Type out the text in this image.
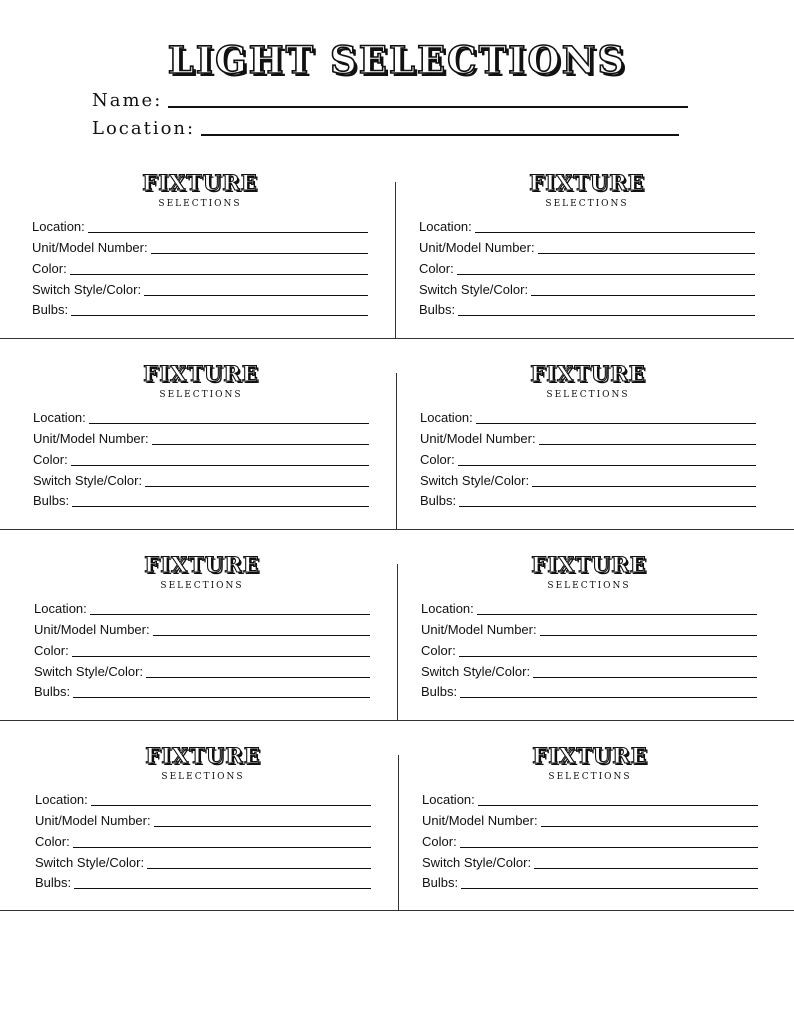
LIGHT SELECTIONS
Name:
Location:
FIXTURE
SELECTIONS
Location:
Unit/Model Number:
Color:
Switch Style/Color:
Bulbs:
FIXTURE
SELECTIONS
Location:
Unit/Model Number:
Color:
Switch Style/Color:
Bulbs:
FIXTURE
SELECTIONS
Location:
Unit/Model Number:
Color:
Switch Style/Color:
Bulbs:
FIXTURE
SELECTIONS
Location:
Unit/Model Number:
Color:
Switch Style/Color:
Bulbs:
FIXTURE
SELECTIONS
Location:
Unit/Model Number:
Color:
Switch Style/Color:
Bulbs:
FIXTURE
SELECTIONS
Location:
Unit/Model Number:
Color:
Switch Style/Color:
Bulbs:
FIXTURE
SELECTIONS
Location:
Unit/Model Number:
Color:
Switch Style/Color:
Bulbs:
FIXTURE
SELECTIONS
Location:
Unit/Model Number:
Color:
Switch Style/Color:
Bulbs:
